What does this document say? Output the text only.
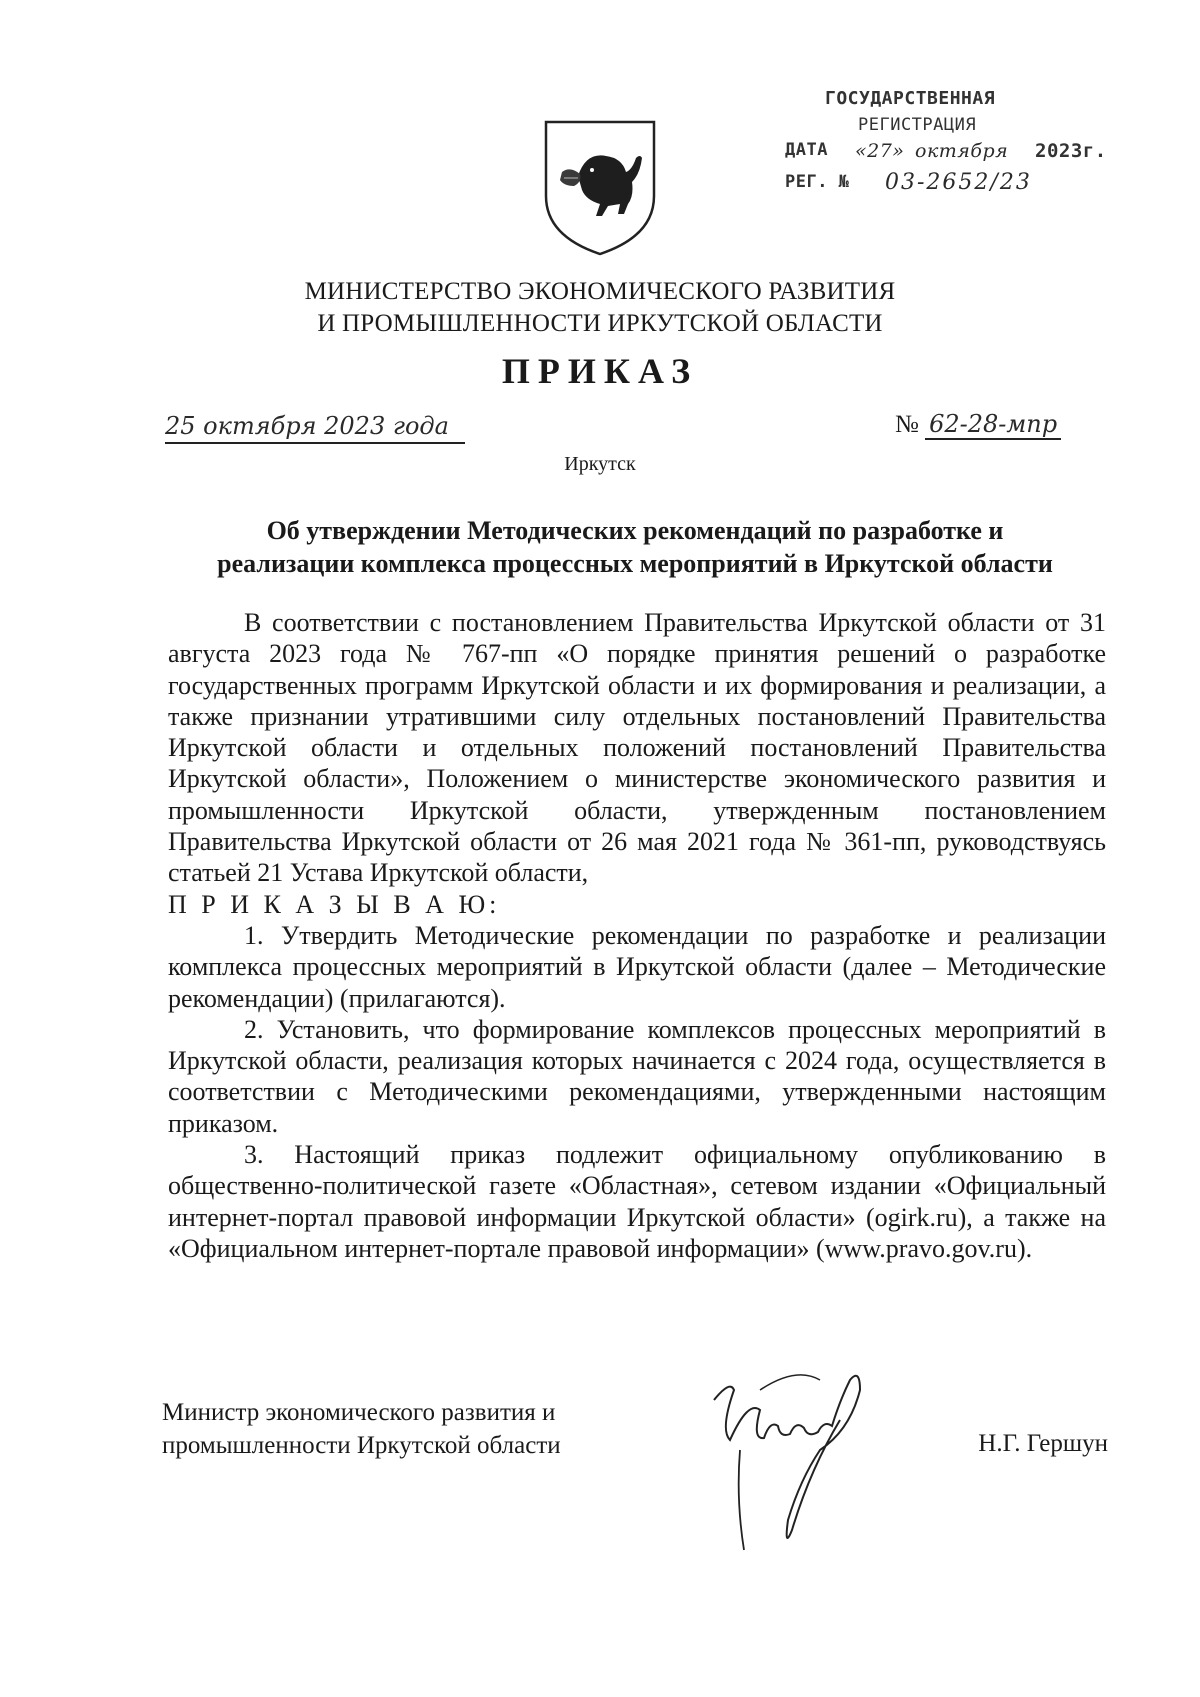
ГОСУДАРСТВЕННАЯ
РЕГИСТРАЦИЯ
ДАТА «27» октября 2023г.
РЕГ. № 03-2652/23
МИНИСТЕРСТВО ЭКОНОМИЧЕСКОГО РАЗВИТИЯ
И ПРОМЫШЛЕННОСТИ ИРКУТСКОЙ ОБЛАСТИ
ПРИКАЗ
25 октября 2023 года	№ 62-28-мпр
Иркутск
Об утверждении Методических рекомендаций по разработке и
реализации комплекса процессных мероприятий в Иркутской области

В соответствии с постановлением Правительства Иркутской области от 31 августа 2023 года № 767-пп «О порядке принятия решений о разработке государственных программ Иркутской области и их формирования и реализации, а также признании утратившими силу отдельных постановлений Правительства Иркутской области и отдельных положений постановлений Правительства Иркутской области», Положением о министерстве экономического развития и промышленности Иркутской области, утвержденным постановлением Правительства Иркутской области от 26 мая 2021 года № 361-пп, руководствуясь статьей 21 Устава Иркутской области,

П Р И К А З Ы В А Ю:

1. Утвердить Методические рекомендации по разработке и реализации комплекса процессных мероприятий в Иркутской области (далее – Методические рекомендации) (прилагаются).

2. Установить, что формирование комплексов процессных мероприятий в Иркутской области, реализация которых начинается с 2024 года, осуществляется в соответствии с Методическими рекомендациями, утвержденными настоящим приказом.

3. Настоящий приказ подлежит официальному опубликованию в общественно-политической газете «Областная», сетевом издании «Официальный интернет-портал правовой информации Иркутской области» (ogirk.ru), а также на «Официальном интернет-портале правовой информации» (www.pravo.gov.ru).

Министр экономического развития и
промышленности Иркутской области	Н.Г. Гершун
